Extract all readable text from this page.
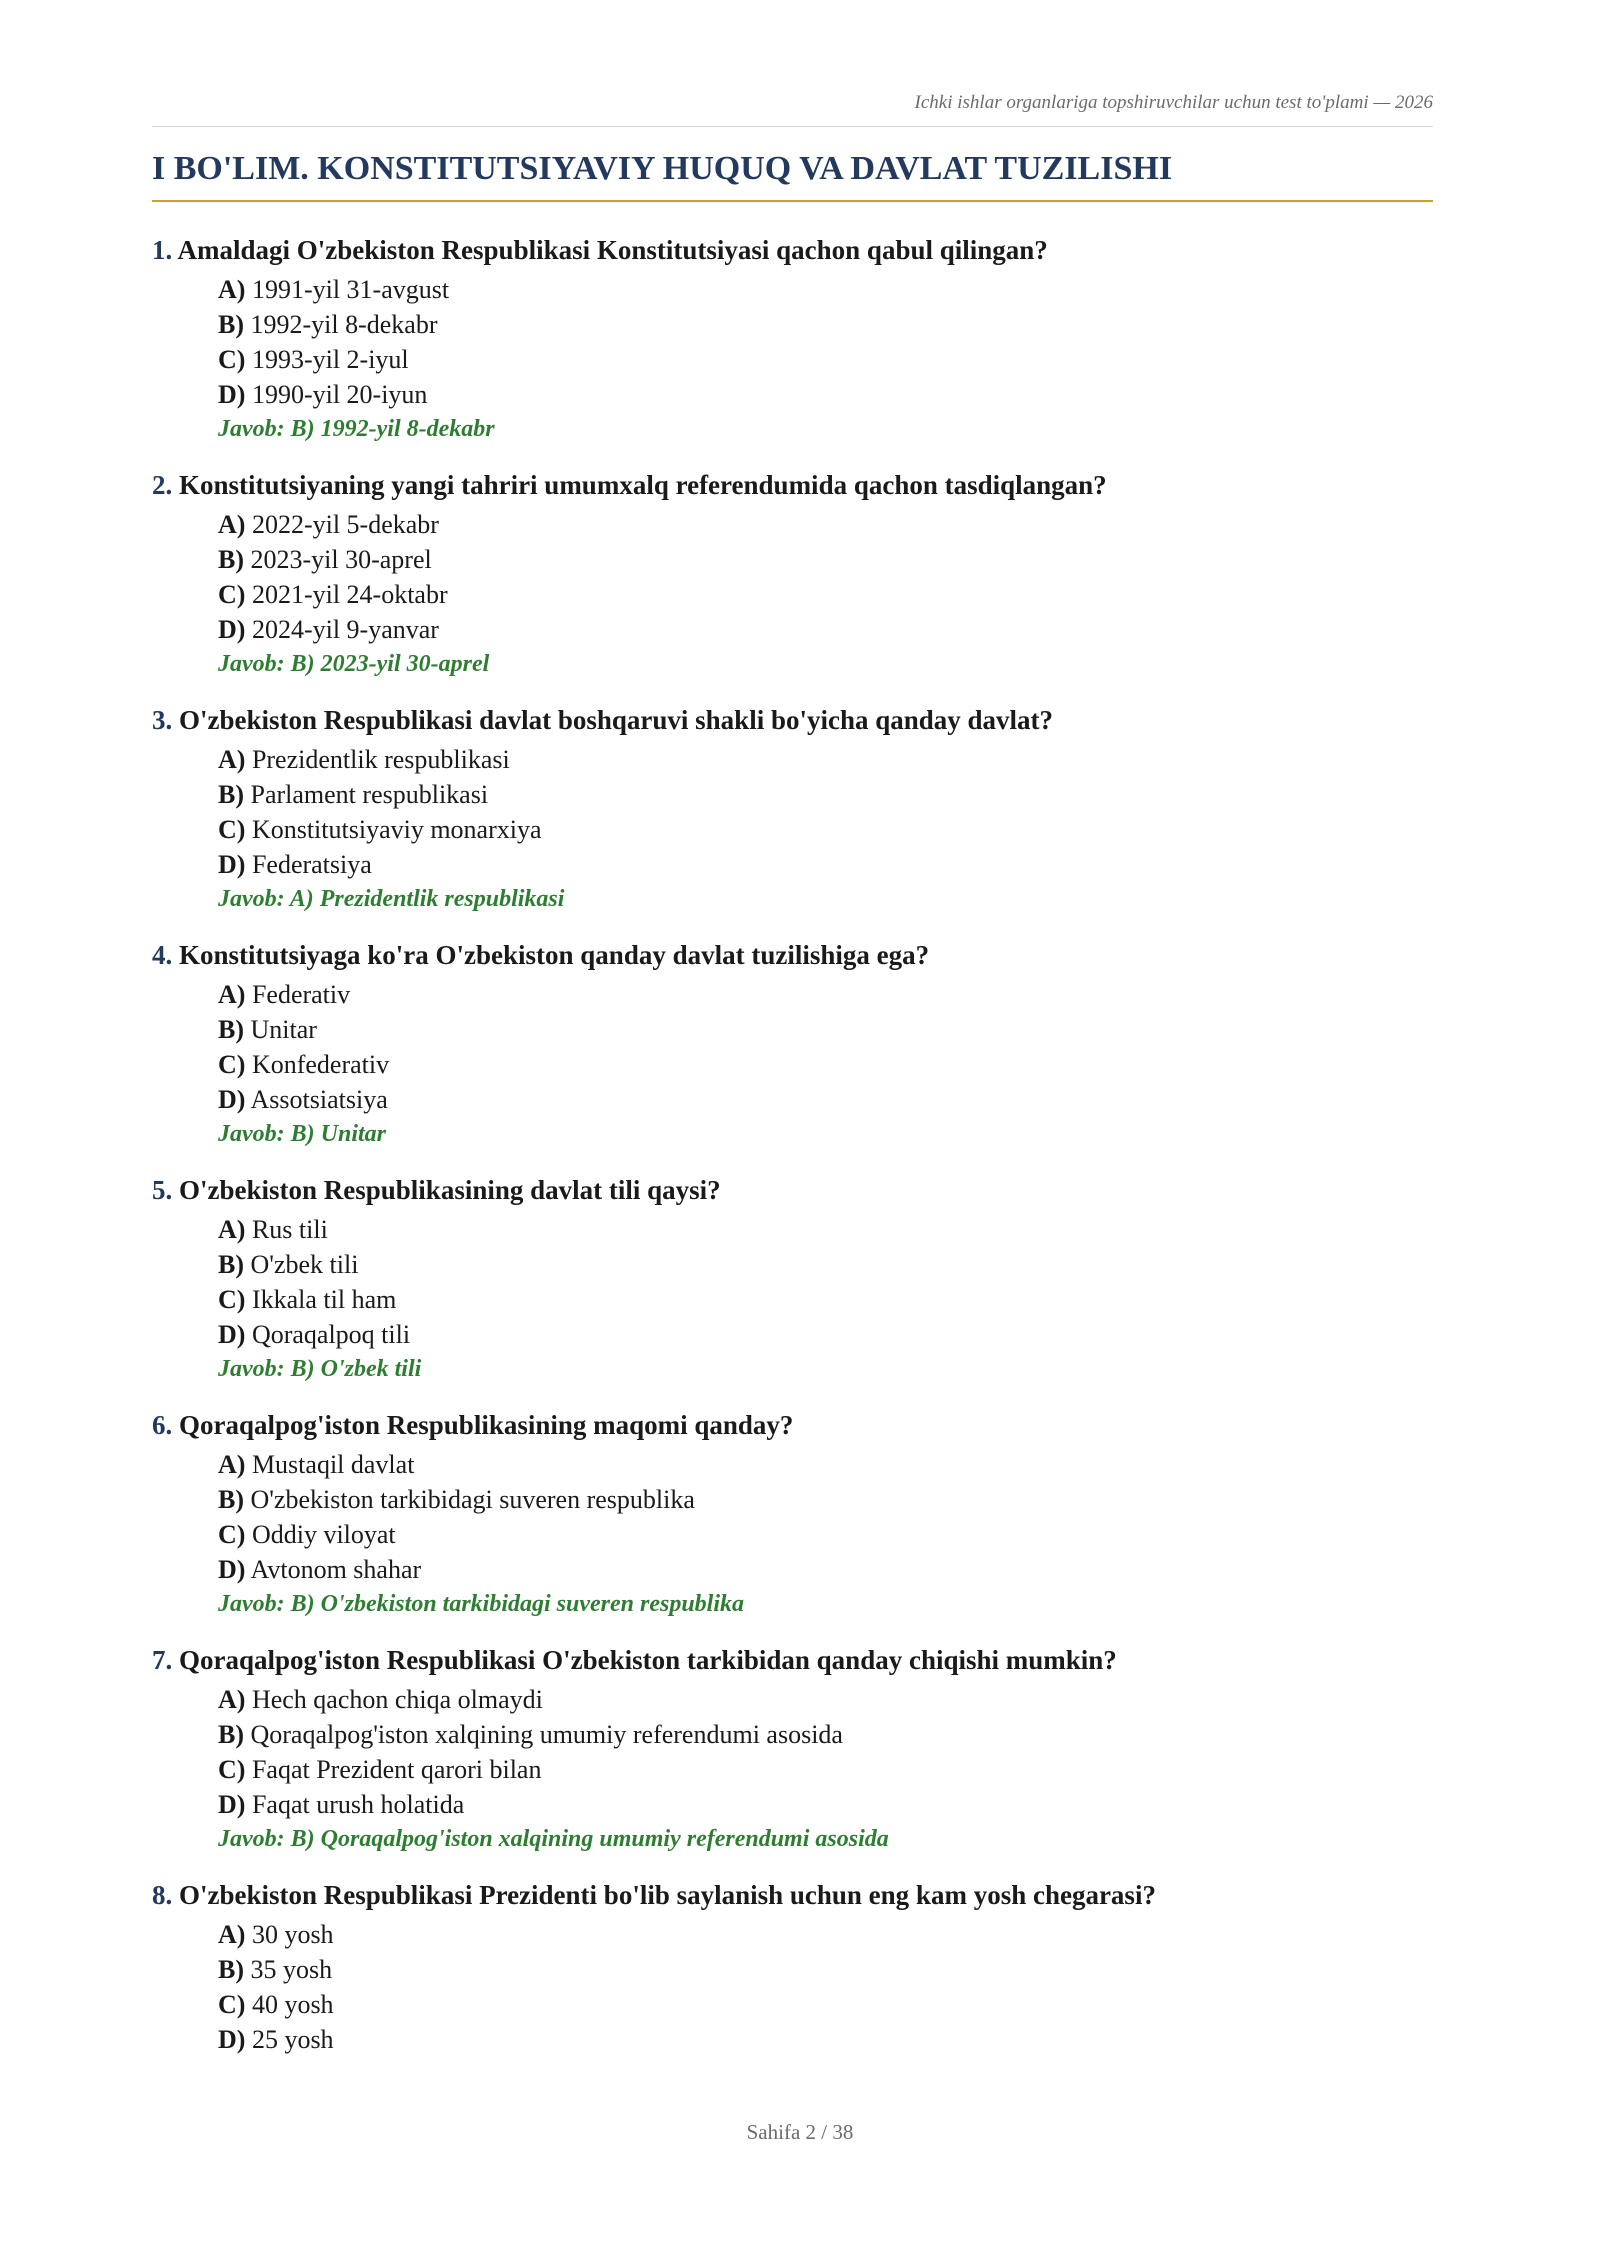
Ichki ishlar organlariga topshiruvchilar uchun test to'plami — 2026
I BO'LIM. KONSTITUTSIYAVIY HUQUQ VA DAVLAT TUZILISHI
1. Amaldagi O'zbekiston Respublikasi Konstitutsiyasi qachon qabul qilingan?
A) 1991-yil 31-avgust
B) 1992-yil 8-dekabr
C) 1993-yil 2-iyul
D) 1990-yil 20-iyun
Javob: B) 1992-yil 8-dekabr
2. Konstitutsiyaning yangi tahriri umumxalq referendumida qachon tasdiqlangan?
A) 2022-yil 5-dekabr
B) 2023-yil 30-aprel
C) 2021-yil 24-oktabr
D) 2024-yil 9-yanvar
Javob: B) 2023-yil 30-aprel
3. O'zbekiston Respublikasi davlat boshqaruvi shakli bo'yicha qanday davlat?
A) Prezidentlik respublikasi
B) Parlament respublikasi
C) Konstitutsiyaviy monarxiya
D) Federatsiya
Javob: A) Prezidentlik respublikasi
4. Konstitutsiyaga ko'ra O'zbekiston qanday davlat tuzilishiga ega?
A) Federativ
B) Unitar
C) Konfederativ
D) Assotsiatsiya
Javob: B) Unitar
5. O'zbekiston Respublikasining davlat tili qaysi?
A) Rus tili
B) O'zbek tili
C) Ikkala til ham
D) Qoraqalpoq tili
Javob: B) O'zbek tili
6. Qoraqalpog'iston Respublikasining maqomi qanday?
A) Mustaqil davlat
B) O'zbekiston tarkibidagi suveren respublika
C) Oddiy viloyat
D) Avtonom shahar
Javob: B) O'zbekiston tarkibidagi suveren respublika
7. Qoraqalpog'iston Respublikasi O'zbekiston tarkibidan qanday chiqishi mumkin?
A) Hech qachon chiqa olmaydi
B) Qoraqalpog'iston xalqining umumiy referendumi asosida
C) Faqat Prezident qarori bilan
D) Faqat urush holatida
Javob: B) Qoraqalpog'iston xalqining umumiy referendumi asosida
8. O'zbekiston Respublikasi Prezidenti bo'lib saylanish uchun eng kam yosh chegarasi?
A) 30 yosh
B) 35 yosh
C) 40 yosh
D) 25 yosh
Sahifa 2 / 38
